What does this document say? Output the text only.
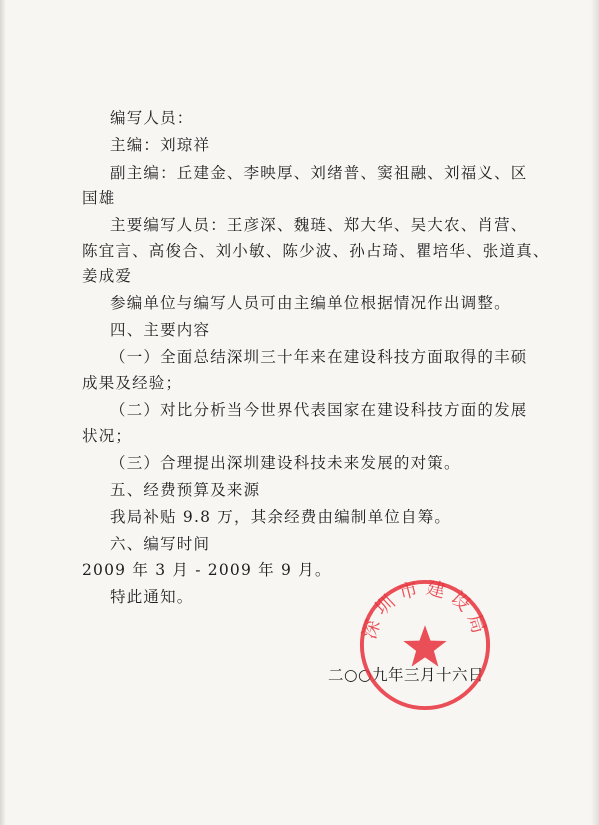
编写人员：
主编：刘琼祥
副主编：丘建金、李映厚、刘绪普、窦祖融、刘福义、区
国雄
主要编写人员：王彦深、魏琏、郑大华、吴大农、肖营、
陈宜言、高俊合、刘小敏、陈少波、孙占琦、瞿培华、张道真、
姜成爱
参编单位与编写人员可由主编单位根据情况作出调整。
四、主要内容
（一）全面总结深圳三十年来在建设科技方面取得的丰硕
成果及经验；
（二）对比分析当今世界代表国家在建设科技方面的发展
状况；
（三）合理提出深圳建设科技未来发展的对策。
五、经费预算及来源
我局补贴 9.8 万，其余经费由编制单位自筹。
六、编写时间
2009 年 3 月 - 2009 年 9 月。
特此通知。
二○○九年三月十六日
深圳市建设局
